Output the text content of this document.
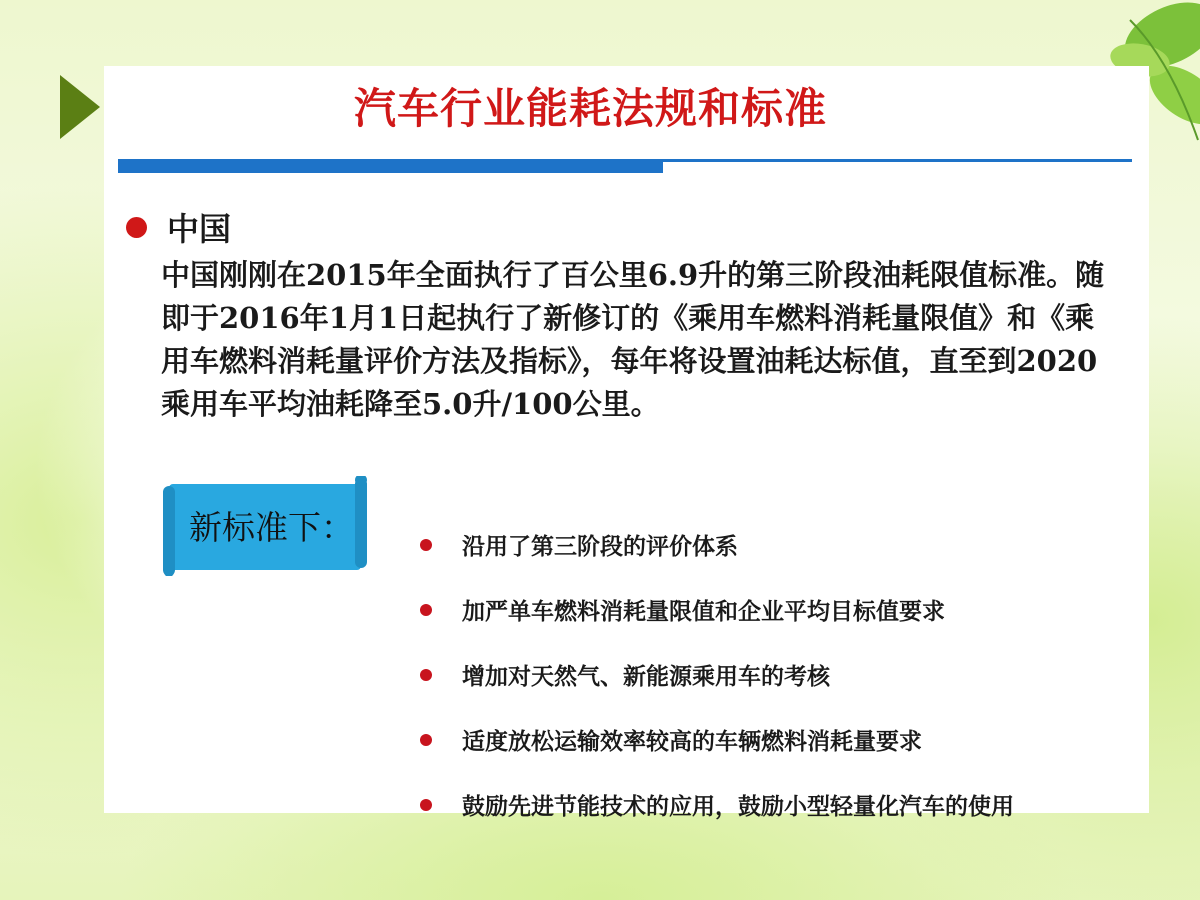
汽车行业能耗法规和标准
中国
中国刚刚在2015年全面执行了百公里6.9升的第三阶段油耗限值标准。随即于2016年1月1日起执行了新修订的《乘用车燃料消耗量限值》和《乘用车燃料消耗量评价方法及指标》，每年将设置油耗达标值，直至到2020乘用车平均油耗降至5.0升/100公里。
新标准下：	沿用了第三阶段的评价体系
加严单车燃料消耗量限值和企业平均目标值要求
增加对天然气、新能源乘用车的考核
适度放松运输效率较高的车辆燃料消耗量要求
鼓励先进节能技术的应用，鼓励小型轻量化汽车的使用
